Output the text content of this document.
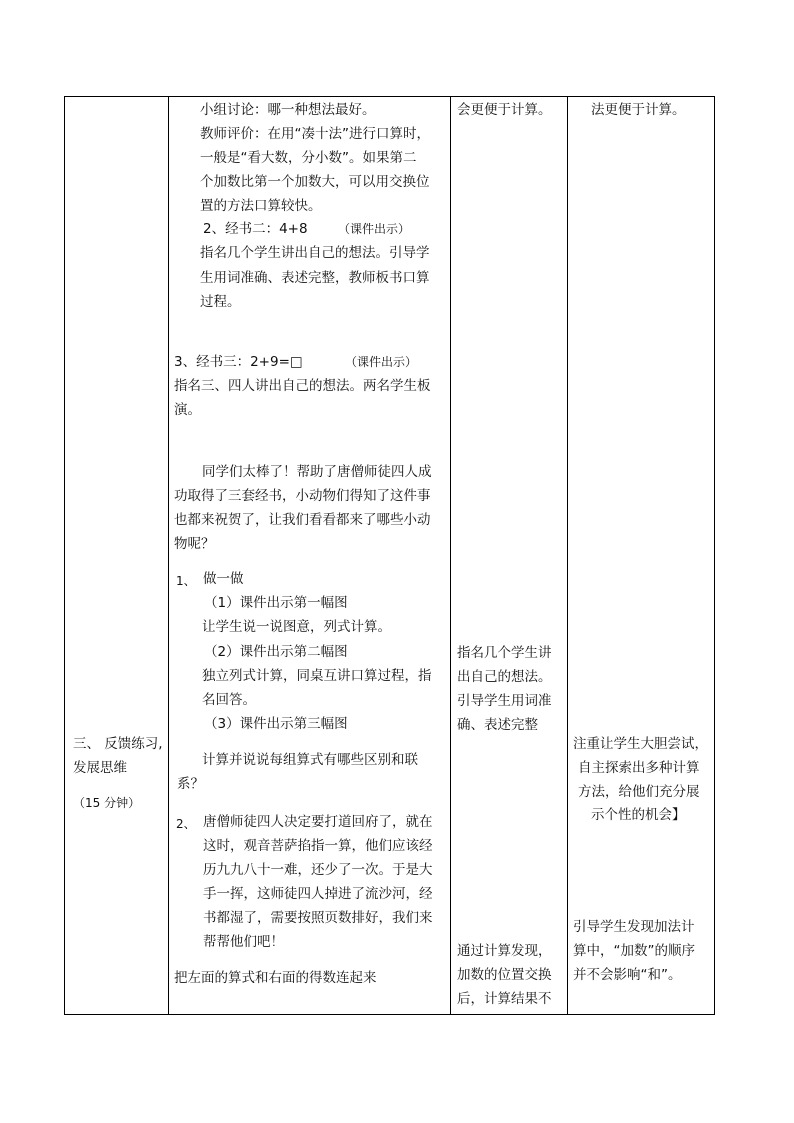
三、 反馈练习,
发展思维
（15 分钟）
小组讨论：哪一种想法最好。
教师评价：在用“凑十法”进行口算时，
一般是“看大数，分小数”。如果第二
个加数比第一个加数大，可以用交换位
置的方法口算较快。
2、经书二：4+8	（课件出示）
指名几个学生讲出自己的想法。引导学
生用词准确、表述完整，教师板书口算
过程。
3、经书三：2+9=□	（课件出示）
指名三、四人讲出自己的想法。两名学生板
演。
同学们太棒了！帮助了唐僧师徒四人成
功取得了三套经书，小动物们得知了这件事
也都来祝贺了，让我们看看都来了哪些小动
物呢？
1、 做一做
（1）课件出示第一幅图
让学生说一说图意，列式计算。
（2）课件出示第二幅图
独立列式计算，同桌互讲口算过程，指
名回答。
（3）课件出示第三幅图
计算并说说每组算式有哪些区别和联
系？
2、 唐僧师徒四人决定要打道回府了，就在
这时，观音菩萨掐指一算，他们应该经
历九九八十一难，还少了一次。于是大
手一挥，这师徒四人掉进了流沙河，经
书都湿了，需要按照页数排好，我们来
帮帮他们吧！
把左面的算式和右面的得数连起来
会更便于计算。
指名几个学生讲
出自己的想法。
引导学生用词准
确、表述完整
通过计算发现，
加数的位置交换
后，计算结果不
法更便于计算。
注重让学生大胆尝试，
自主探索出多种计算
方法，给他们充分展
示个性的机会】
引导学生发现加法计
算中，“加数”的顺序
并不会影响“和”。
